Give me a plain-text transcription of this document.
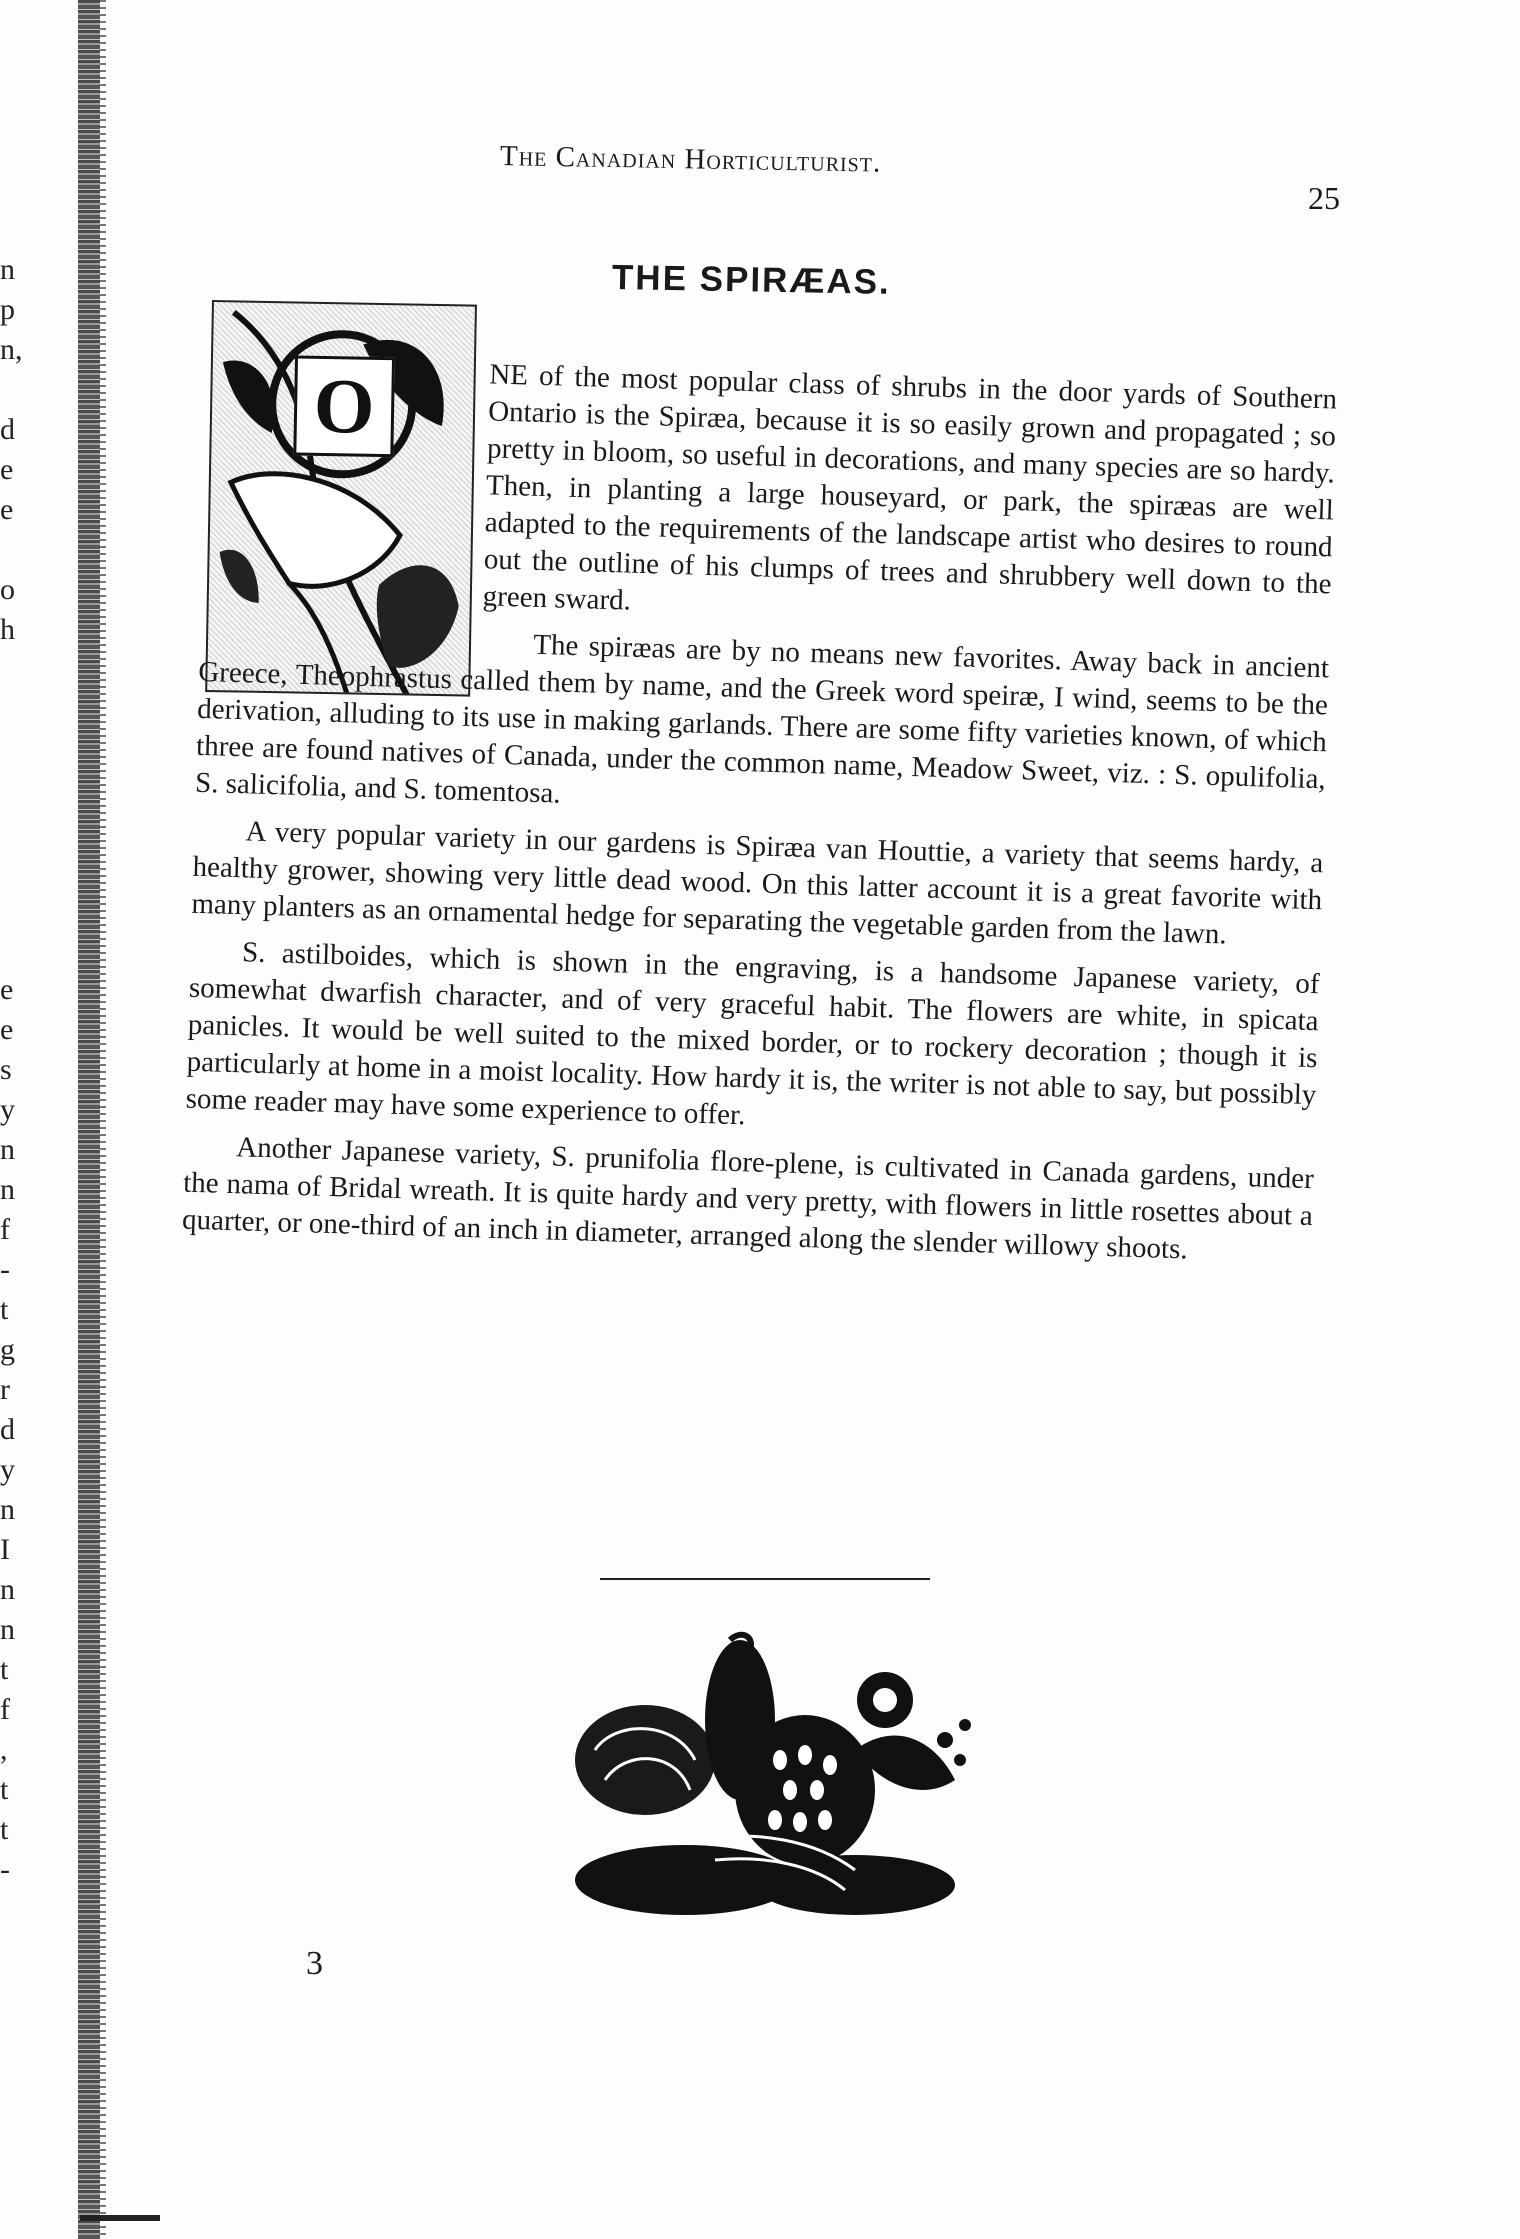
n
p
n,
d
e
e
o
h
e
e
s
y
n
n
f
-
t
g
r
d
y
n
I
n
n
t
f
,
t
t
-
The Canadian Horticulturist.
25
THE SPIRÆAS.
O	NE of the most popular class of shrubs in the door yards of Southern Ontario is the Spiræa, because it is so easily grown and propagated ; so pretty in bloom, so useful in decorations, and many species are so hardy. Then, in planting a large houseyard, or park, the spiræas are well adapted to the requirements of the landscape artist who desires to round out the outline of his clumps of trees and shrubbery well down to the green sward.

The spiræas are by no means new favorites. Away back in ancient Greece, Theophrastus called them by name, and the Greek word speiræ, I wind, seems to be the derivation, alluding to its use in making garlands. There are some fifty varieties known, of which three are found natives of Canada, under the common name, Meadow Sweet, viz. : S. opulifolia, S. salicifolia, and S. tomentosa.

A very popular variety in our gardens is Spiræa van Houttie, a variety that seems hardy, a healthy grower, showing very little dead wood. On this latter account it is a great favorite with many planters as an ornamental hedge for separating the vegetable garden from the lawn.

S. astilboides, which is shown in the engraving, is a handsome Japanese variety, of somewhat dwarfish character, and of very graceful habit. The flowers are white, in spicata panicles. It would be well suited to the mixed border, or to rockery decoration ; though it is particularly at home in a moist locality. How hardy it is, the writer is not able to say, but possibly some reader may have some experience to offer.

Another Japanese variety, S. prunifolia flore-plene, is cultivated in Canada gardens, under the nama of Bridal wreath. It is quite hardy and very pretty, with flowers in little rosettes about a quarter, or one-third of an inch in diameter, arranged along the slender willowy shoots.

3
